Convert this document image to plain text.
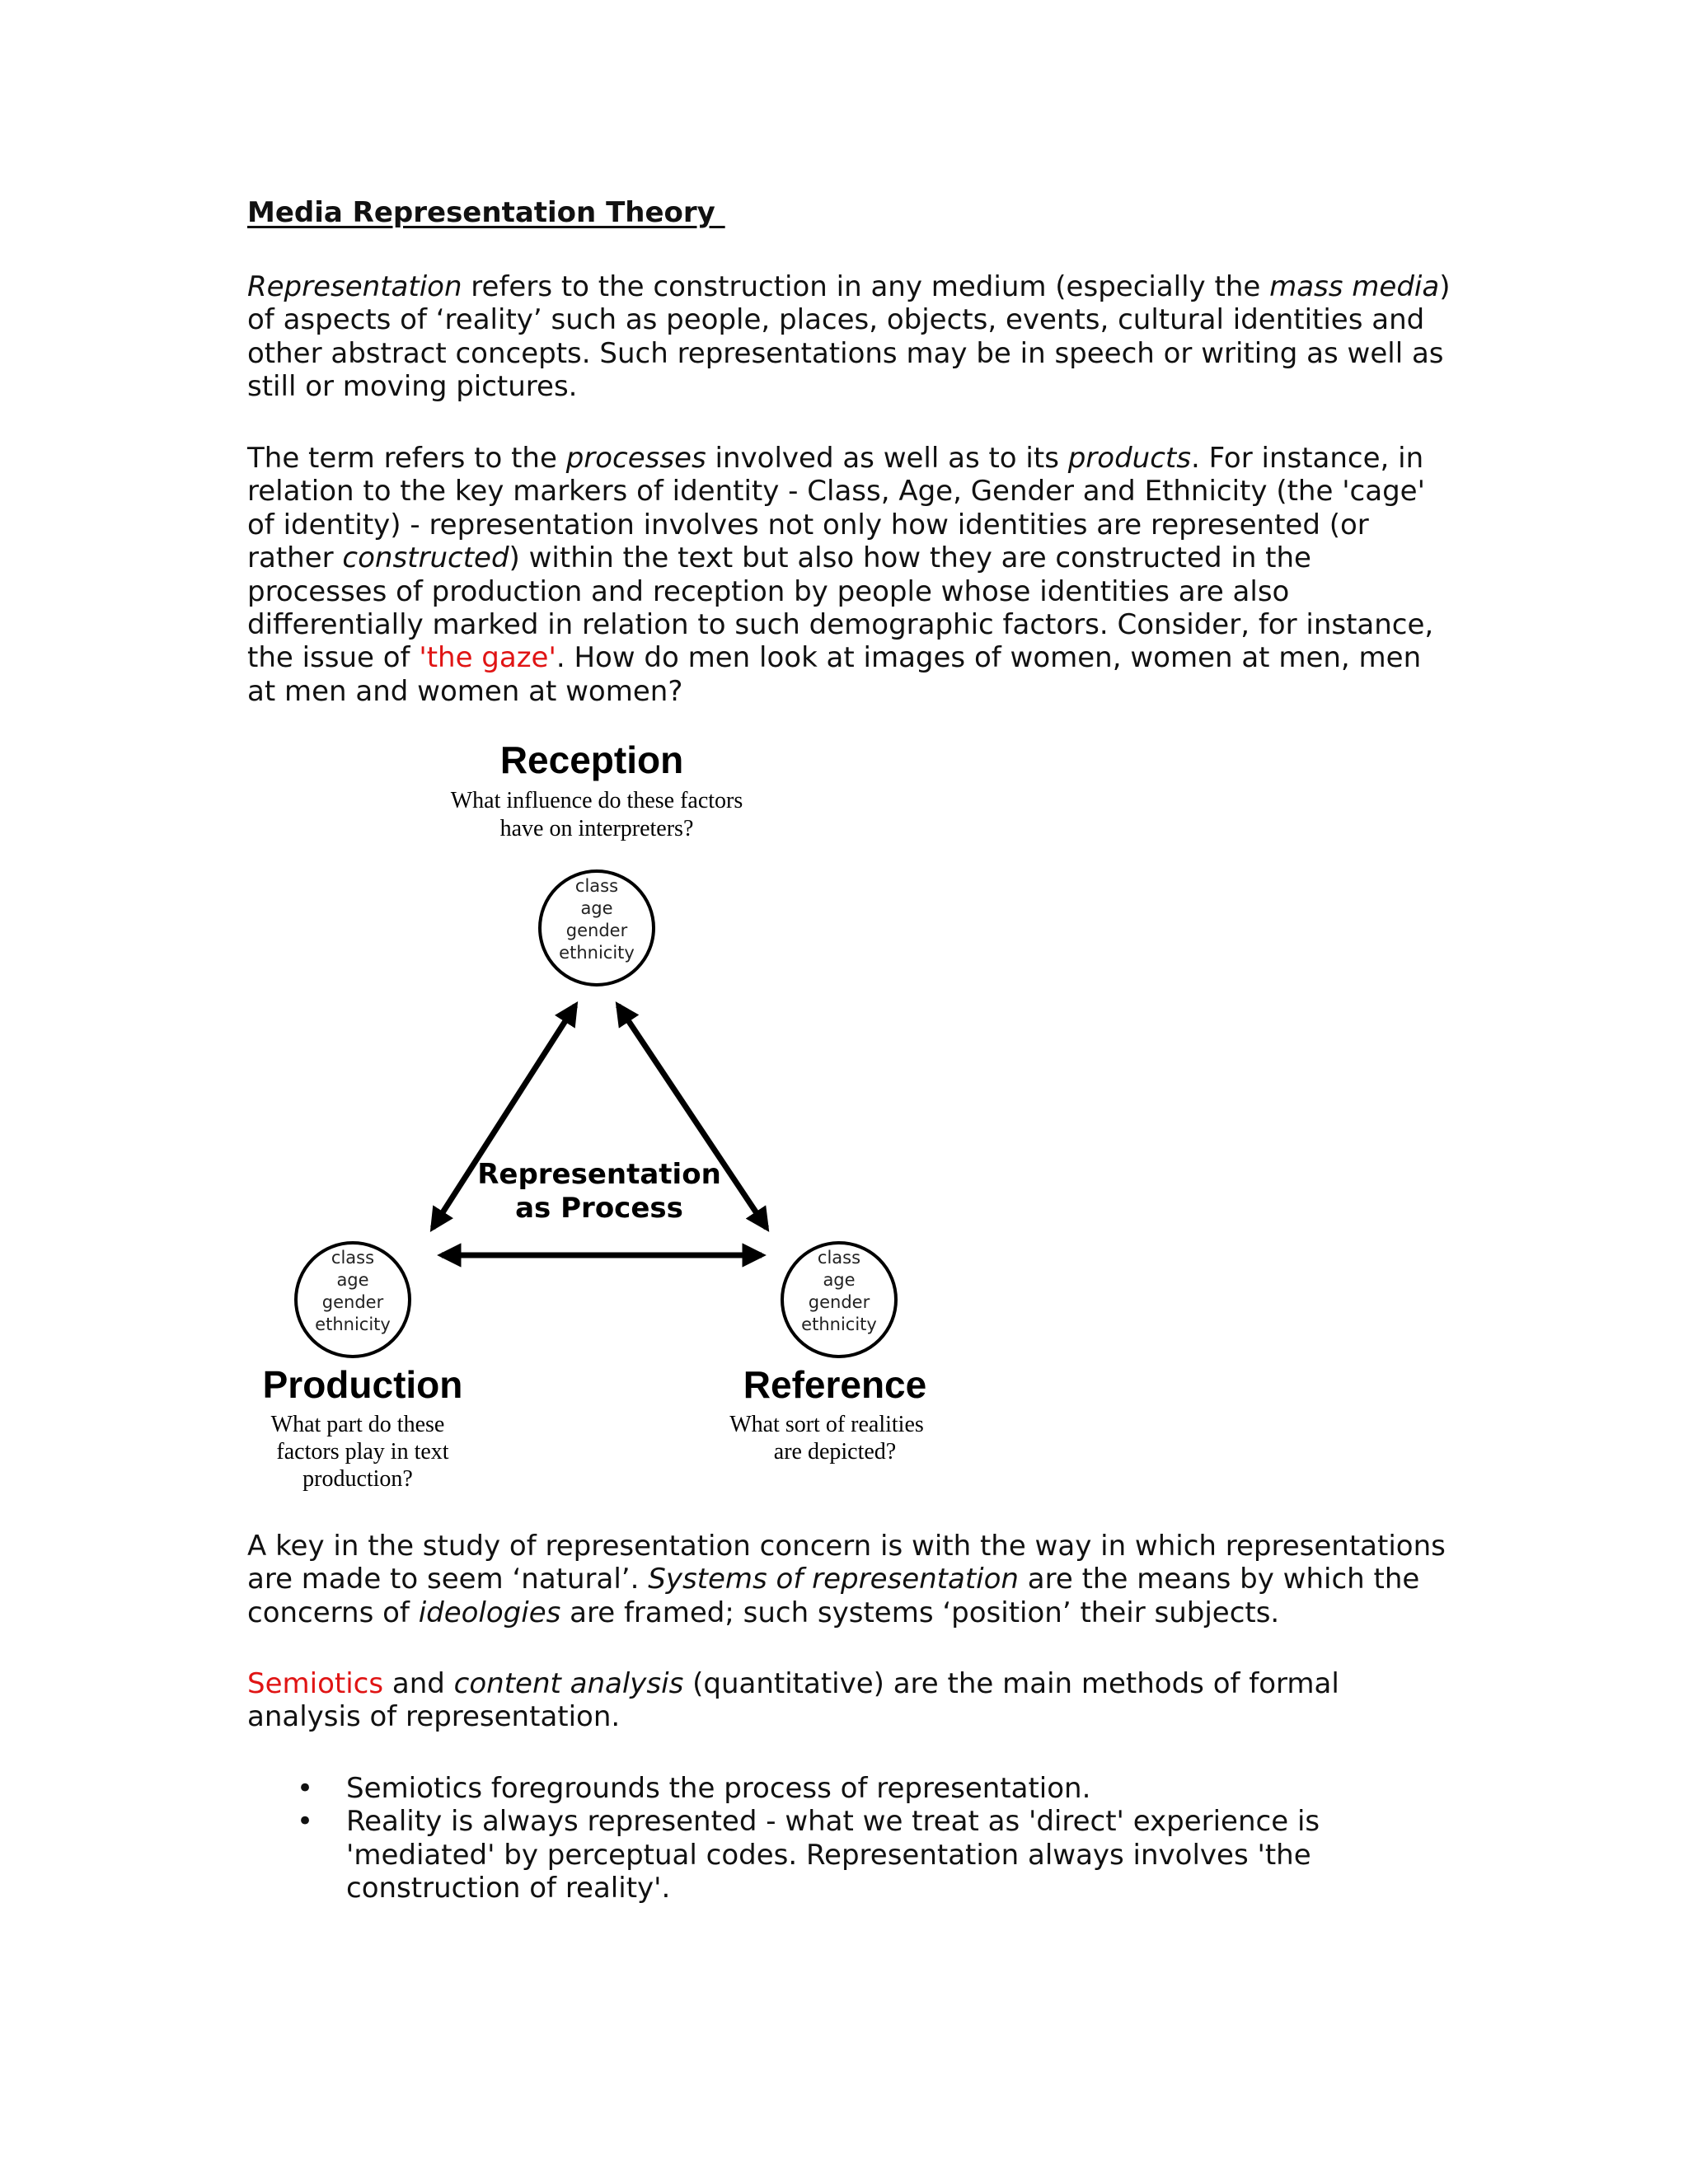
Media Representation Theory

Representation refers to the construction in any medium (especially the mass media)
of aspects of ‘reality’ such as people, places, objects, events, cultural identities and
other abstract concepts. Such representations may be in speech or writing as well as
still or moving pictures.

The term refers to the processes involved as well as to its products. For instance, in
relation to the key markers of identity - Class, Age, Gender and Ethnicity (the 'cage'
of identity) - representation involves not only how identities are represented (or
rather constructed) within the text but also how they are constructed in the
processes of production and reception by people whose identities are also
differentially marked in relation to such demographic factors. Consider, for instance,
the issue of 'the gaze'. How do men look at images of women, women at men, men
at men and women at women?

A key in the study of representation concern is with the way in which representations
are made to seem ‘natural’. Systems of representation are the means by which the
concerns of ideologies are framed; such systems ‘position’ their subjects.

Semiotics and content analysis (quantitative) are the main methods of formal
analysis of representation.

• Semiotics foregrounds the process of representation.
• Reality is always represented - what we treat as 'direct' experience is
'mediated' by perceptual codes. Representation always involves 'the
construction of reality'.
Reception
What influence do these factors
have on interpreters?
class
age
gender
ethnicity
class
age
gender
ethnicity
Production
What part do these
factors play in text
production?
class
age
gender
ethnicity
Reference
What sort of realities
are depicted?
Representation
as Process
